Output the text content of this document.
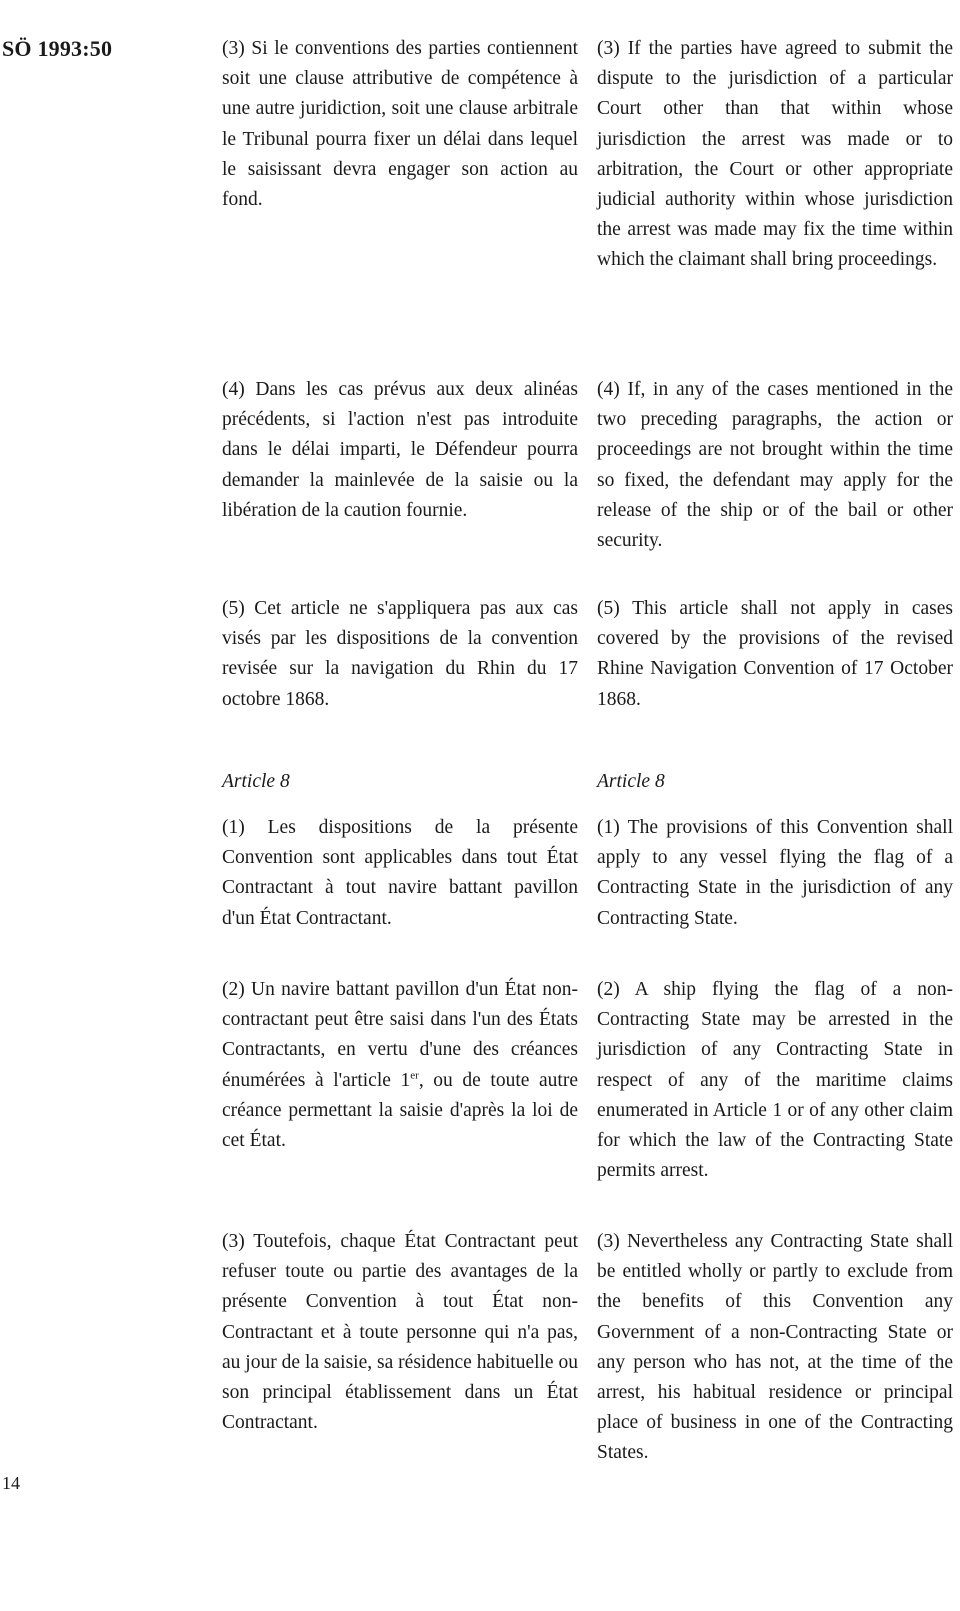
SÖ 1993:50	(3) Si le conventions des parties contiennent soit une clause attributive de compétence à une autre juridiction, soit une clause arbitrale le Tribunal pourra fixer un délai dans lequel le saisissant devra engager son action au fond.

(4) Dans les cas prévus aux deux alinéas précédents, si l'action n'est pas introduite dans le délai imparti, le Défendeur pourra demander la mainlevée de la saisie ou la libération de la caution fournie.

(5) Cet article ne s'appliquera pas aux cas visés par les dispositions de la convention revisée sur la navigation du Rhin du 17 octobre 1868.

Article 8

(1) Les dispositions de la présente Convention sont applicables dans tout État Contractant à tout navire battant pavillon d'un État Contractant.

(2) Un navire battant pavillon d'un État non-contractant peut être saisi dans l'un des États Contractants, en vertu d'une des créances énumérées à l'article 1er, ou de toute autre créance permettant la saisie d'après la loi de cet État.

(3) Toutefois, chaque État Contractant peut refuser toute ou partie des avantages de la présente Convention à tout État non-Contractant et à toute personne qui n'a pas, au jour de la saisie, sa résidence habituelle ou son principal établissement dans un État Contractant.

(3) If the parties have agreed to submit the dispute to the jurisdiction of a particular Court other than that within whose jurisdiction the arrest was made or to arbitration, the Court or other appropriate judicial authority within whose jurisdiction the arrest was made may fix the time within which the claimant shall bring proceedings.

(4) If, in any of the cases mentioned in the two preceding paragraphs, the action or proceedings are not brought within the time so fixed, the defendant may apply for the release of the ship or of the bail or other security.

(5) This article shall not apply in cases covered by the provisions of the revised Rhine Navigation Convention of 17 October 1868.

Article 8

(1) The provisions of this Convention shall apply to any vessel flying the flag of a Contracting State in the jurisdiction of any Contracting State.

(2) A ship flying the flag of a non-Contracting State may be arrested in the jurisdiction of any Contracting State in respect of any of the maritime claims enumerated in Article 1 or of any other claim for which the law of the Contracting State permits arrest.

(3) Nevertheless any Contracting State shall be entitled wholly or partly to exclude from the benefits of this Convention any Government of a non-Contracting State or any person who has not, at the time of the arrest, his habitual residence or principal place of business in one of the Contracting States.

14
